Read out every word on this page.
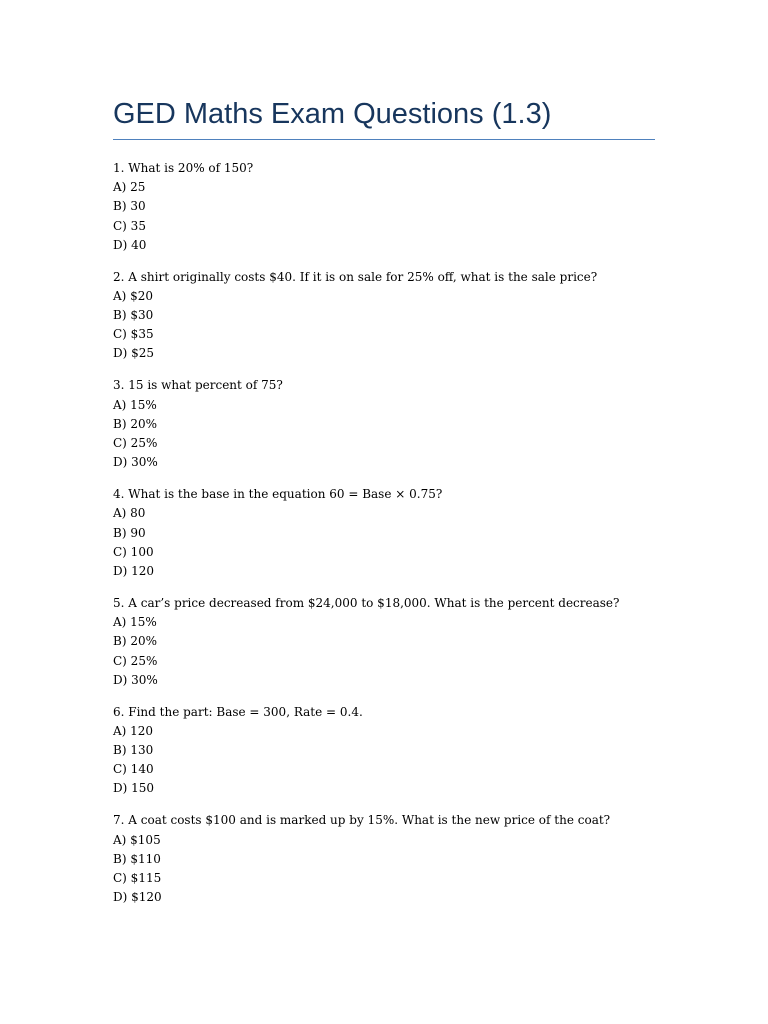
GED Maths Exam Questions (1.3)
1. What is 20% of 150?
A) 25
B) 30
C) 35
D) 40
2. A shirt originally costs $40. If it is on sale for 25% off, what is the sale price?
A) $20
B) $30
C) $35
D) $25
3. 15 is what percent of 75?
A) 15%
B) 20%
C) 25%
D) 30%
4. What is the base in the equation 60 = Base × 0.75?
A) 80
B) 90
C) 100
D) 120
5. A car’s price decreased from $24,000 to $18,000. What is the percent decrease?
A) 15%
B) 20%
C) 25%
D) 30%
6. Find the part: Base = 300, Rate = 0.4.
A) 120
B) 130
C) 140
D) 150
7. A coat costs $100 and is marked up by 15%. What is the new price of the coat?
A) $105
B) $110
C) $115
D) $120
